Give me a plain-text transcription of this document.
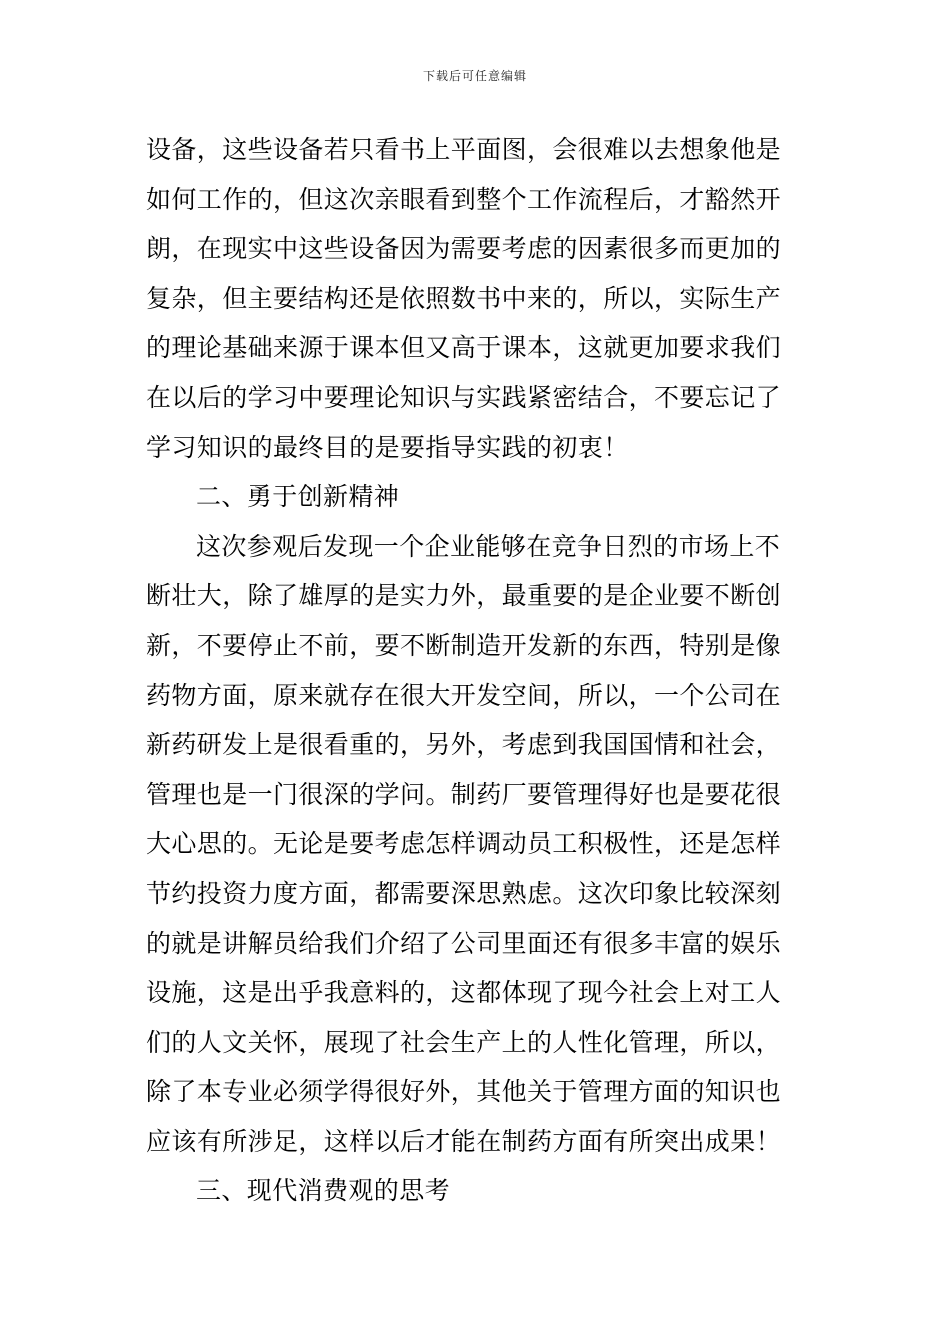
下载后可任意编辑
设备，这些设备若只看书上平面图，会很难以去想象他是
如何工作的，但这次亲眼看到整个工作流程后，才豁然开
朗，在现实中这些设备因为需要考虑的因素很多而更加的
复杂，但主要结构还是依照数书中来的，所以，实际生产
的理论基础来源于课本但又高于课本，这就更加要求我们
在以后的学习中要理论知识与实践紧密结合，不要忘记了
学习知识的最终目的是要指导实践的初衷！
二、勇于创新精神
这次参观后发现一个企业能够在竞争日烈的市场上不
断壮大，除了雄厚的是实力外，最重要的是企业要不断创
新，不要停止不前，要不断制造开发新的东西，特别是像
药物方面，原来就存在很大开发空间，所以，一个公司在
新药研发上是很看重的，另外，考虑到我国国情和社会，
管理也是一门很深的学问。制药厂要管理得好也是要花很
大心思的。无论是要考虑怎样调动员工积极性，还是怎样
节约投资力度方面，都需要深思熟虑。这次印象比较深刻
的就是讲解员给我们介绍了公司里面还有很多丰富的娱乐
设施，这是出乎我意料的，这都体现了现今社会上对工人
们的人文关怀，展现了社会生产上的人性化管理，所以，
除了本专业必须学得很好外，其他关于管理方面的知识也
应该有所涉足，这样以后才能在制药方面有所突出成果！
三、现代消费观的思考
